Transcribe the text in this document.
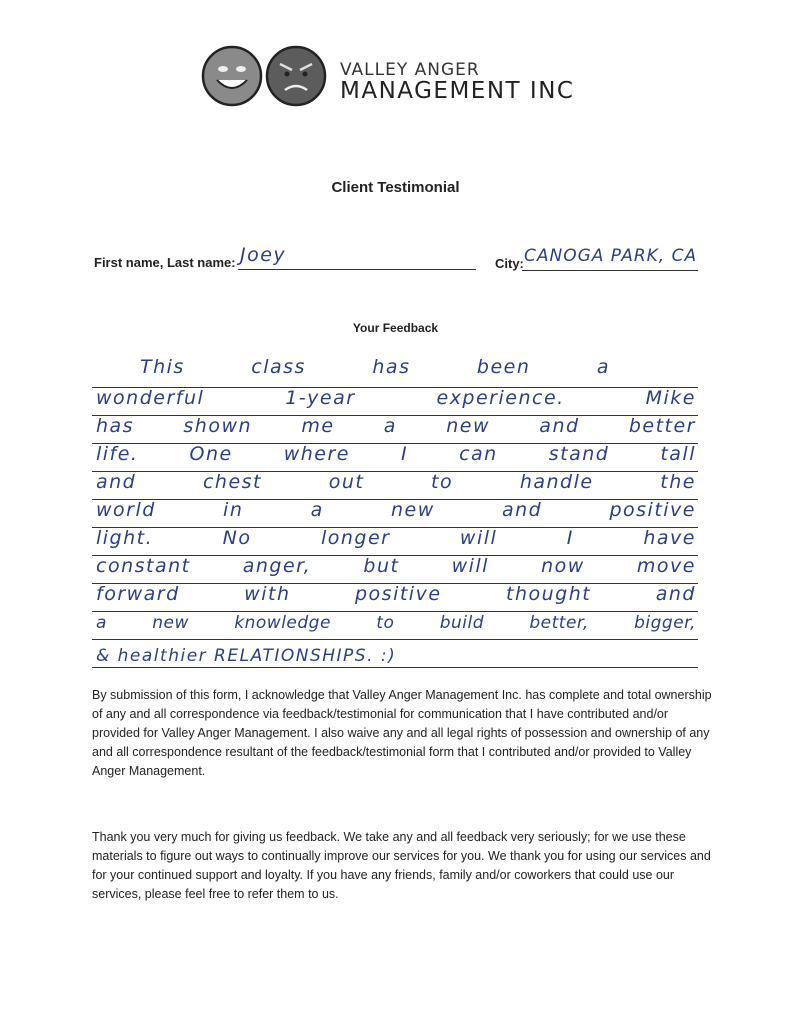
VALLEY ANGER
MANAGEMENT INC
Client Testimonial
First name, Last name: Joey	City: CANOGA PARK, CA
Your Feedback
This class has been a
wonderful 1-year experience. Mike
has shown me a new and better
life. One where I can stand tall
and chest out to handle the
world in a new and positive
light. No longer will I have
constant anger, but will now move
forward with positive thought and
a new knowledge to build better, bigger,
& healthier RELATIONSHIPS. :)
By submission of this form, I acknowledge that Valley Anger Management Inc. has complete and total ownership of any and all correspondence via feedback/testimonial for communication that I have contributed and/or provided for Valley Anger Management. I also waive any and all legal rights of possession and ownership of any and all correspondence resultant of the feedback/testimonial form that I contributed and/or provided to Valley Anger Management.
Thank you very much for giving us feedback. We take any and all feedback very seriously; for we use these materials to figure out ways to continually improve our services for you. We thank you for using our services and for your continued support and loyalty. If you have any friends, family and/or coworkers that could use our services, please feel free to refer them to us.
